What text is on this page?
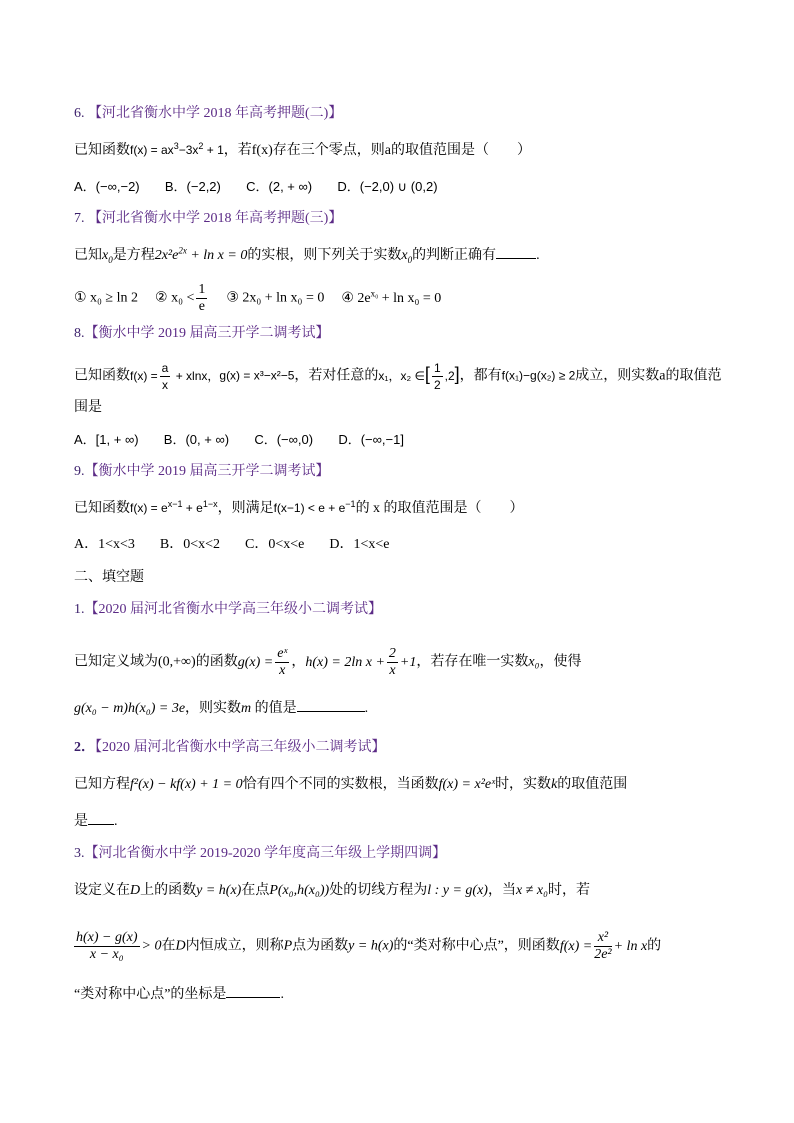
6. 【河北省衡水中学 2018 年高考押题(二)】
已知函数$f(x) = ax^3-3x^2 + 1$，若f(x)存在三个零点，则a的取值范围是（　　）
A．(−∞,−2) B．(−2,2) C．(2, + ∞) D．(−2,0) ∪ (0,2)
7. 【河北省衡水中学 2018 年高考押题(三)】
已知$x_0$是方程$2x^2e^{2x} + \ln x = 0$的实根，则下列关于实数$x_0$的判断正确有	.
① x₀ ≥ ln 2 ② $x_0 < \frac{1}{e}$ ③ 2x₀ + ln x₀ = 0 ④ $2e^{x_0} + \ln x_0 = 0$
8.【衡水中学 2019 届高三开学二调考试】
已知函数$f(x) = \frac{a}{x} + xlnx$，g(x) = x³−x²−5，若对任意的x₁，x₂ ∈[ $\frac{1}{2} ,2$]，都有f(x₁)−g(x₂) ≥ 2成立，则实数a的取值范
围是
A．[1, + ∞) B．(0, + ∞) C．(−∞,0) D．(−∞,−1]
9.【衡水中学 2019 届高三开学二调考试】
已知函数$f(x) = e^{x-1} + e^{1-x}$，则满足$f(x-1) < e + e^{-1}$的 x 的取值范围是（　　）
A．1<x<3 B．0<x<2 C．0<x<e D．1<x<e
二、填空题
1.【2020 届河北省衡水中学高三年级小二调考试】
已知定义域为(0,+∞)的函数$g(x) = \frac{\text{eˣ}}{x}$ ，h(x) = 2ln $x + \frac{2}{x} +1$，若存在唯一实数x₀，使得
g(x₀ − m)h(x₀) = 3e，则实数m 的值是	.
2．【2020 届河北省衡水中学高三年级小二调考试】
已知方程f²(x) − kf(x) + 1 = 0恰有四个不同的实数根，当函数f(x) = x²eˣ时，实数k的取值范围
是 .
3.【河北省衡水中学 2019-2020 学年度高三年级上学期四调】
设定义在D上的函数y = h(x)在点P(x₀,h(x₀))处的切线方程为l : y = g(x)，当x ≠ x₀时，若
$\frac{h(x) - g(x)}{\text{x − x₀}} > 0$在D内恒成立，则称P点为函数y = h(x)的“类对称中心点”，则函数$f(x) = \frac{\text{x²}}{\text{2e²}} + \ln x$的
“类对称中心点”的坐标是	.
